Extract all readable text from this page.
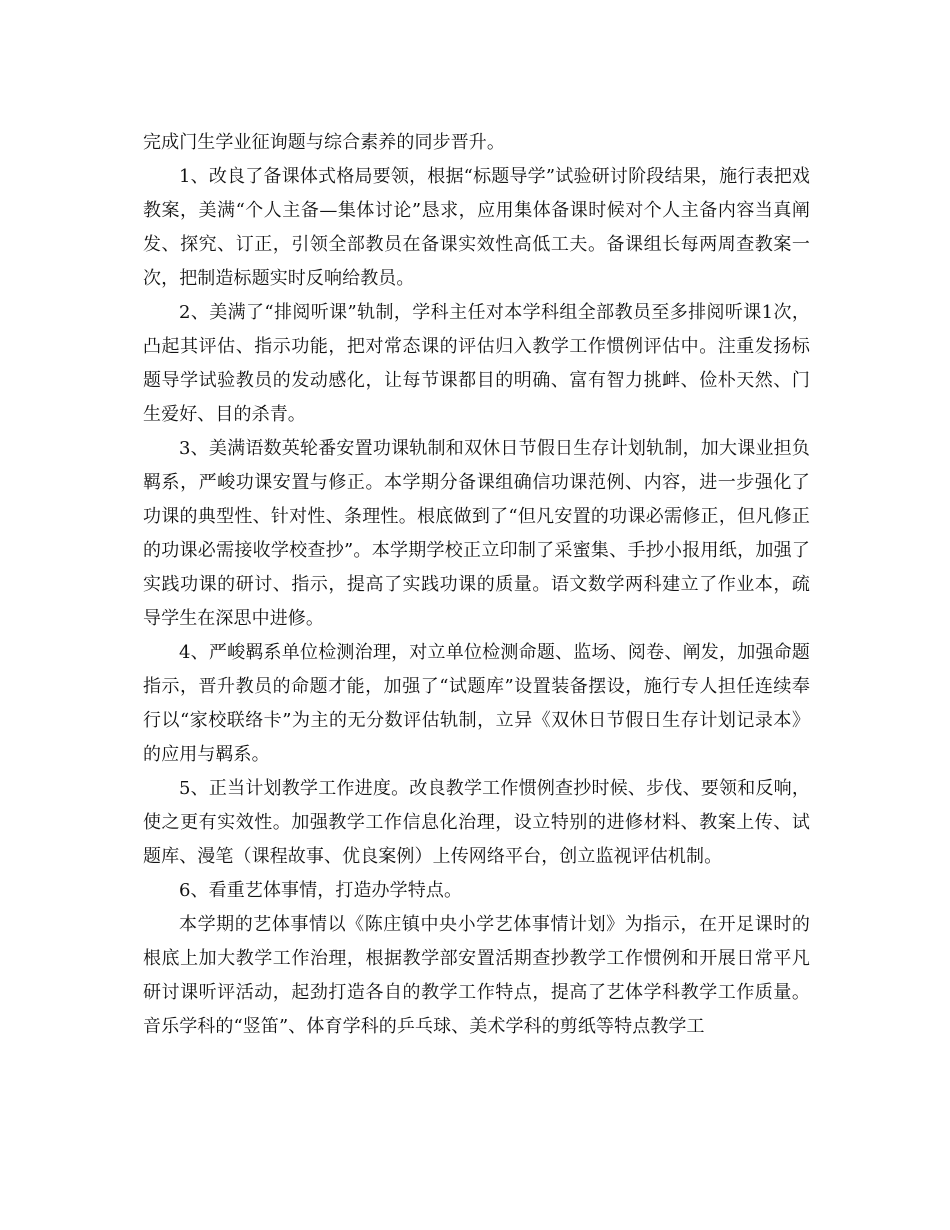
完成门生学业征询题与综合素养的同步晋升。

1、改良了备课体式格局要领，根据“标题导学”试验研讨阶段结果，施行表把戏教案，美满“个人主备—集体讨论”恳求，应用集体备课时候对个人主备内容当真阐发、探究、订正，引领全部教员在备课实效性高低工夫。备课组长每两周查教案一次，把制造标题实时反响给教员。

2、美满了“排阅听课”轨制，学科主任对本学科组全部教员至多排阅听课1次，凸起其评估、指示功能，把对常态课的评估归入教学工作惯例评估中。注重发扬标题导学试验教员的发动感化，让每节课都目的明确、富有智力挑衅、俭朴天然、门生爱好、目的杀青。

3、美满语数英轮番安置功课轨制和双休日节假日生存计划轨制，加大课业担负羁系，严峻功课安置与修正。本学期分备课组确信功课范例、内容，进一步强化了功课的典型性、针对性、条理性。根底做到了“但凡安置的功课必需修正，但凡修正的功课必需接收学校查抄”。本学期学校正立印制了采蜜集、手抄小报用纸，加强了实践功课的研讨、指示，提高了实践功课的质量。语文数学两科建立了作业本，疏导学生在深思中进修。

4、严峻羁系单位检测治理，对立单位检测命题、监场、阅卷、阐发，加强命题指示，晋升教员的命题才能，加强了“试题库”设置装备摆设，施行专人担任连续奉行以“家校联络卡”为主的无分数评估轨制，立异《双休日节假日生存计划记录本》的应用与羁系。

5、正当计划教学工作进度。改良教学工作惯例查抄时候、步伐、要领和反响，使之更有实效性。加强教学工作信息化治理，设立特别的进修材料、教案上传、试题库、漫笔（课程故事、优良案例）上传网络平台，创立监视评估机制。

6、看重艺体事情，打造办学特点。

本学期的艺体事情以《陈庄镇中央小学艺体事情计划》为指示，在开足课时的根底上加大教学工作治理，根据教学部安置活期查抄教学工作惯例和开展日常平凡研讨课听评活动，起劲打造各自的教学工作特点，提高了艺体学科教学工作质量。音乐学科的“竖笛”、体育学科的乒乓球、美术学科的剪纸等特点教学工
